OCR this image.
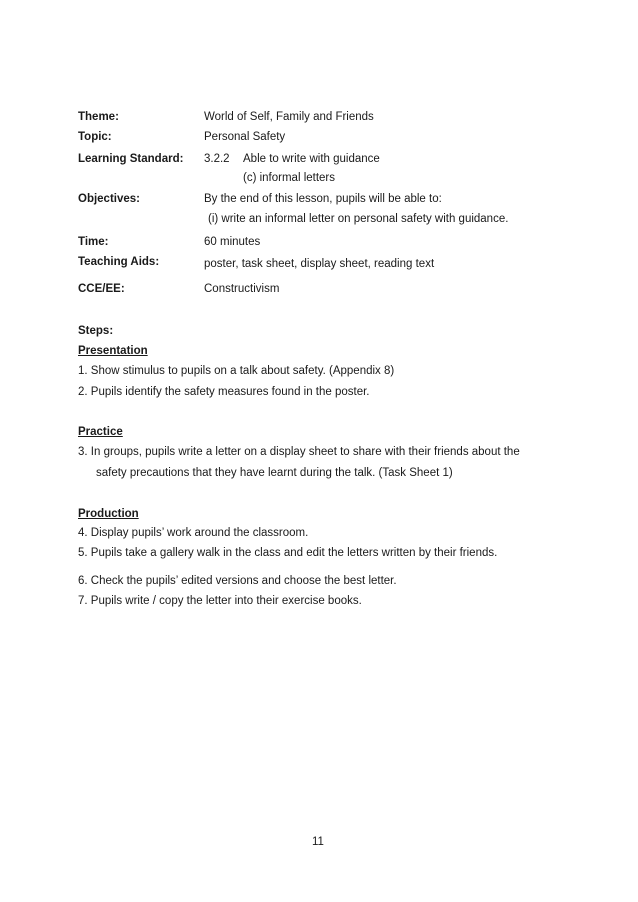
Theme:	World of Self, Family and Friends
Topic:	Personal Safety
Learning Standard: 3.2.2 Able to write with guidance
(c) informal letters
Objectives:	By the end of this lesson, pupils will be able to:
(i) write an informal letter on personal safety with guidance.
Time:	60 minutes
Teaching Aids:	poster, task sheet, display sheet, reading text
CCE/EE:	Constructivism
Steps:
Presentation
1. Show stimulus to pupils on a talk about safety. (Appendix 8)
2. Pupils identify the safety measures found in the poster.
Practice
3. In groups, pupils write a letter on a display sheet to share with their friends about the
safety precautions that they have learnt during the talk. (Task Sheet 1)
Production
4. Display pupils’ work around the classroom.
5. Pupils take a gallery walk in the class and edit the letters written by their friends.
6. Check the pupils’ edited versions and choose the best letter.
7. Pupils write / copy the letter into their exercise books.
11
